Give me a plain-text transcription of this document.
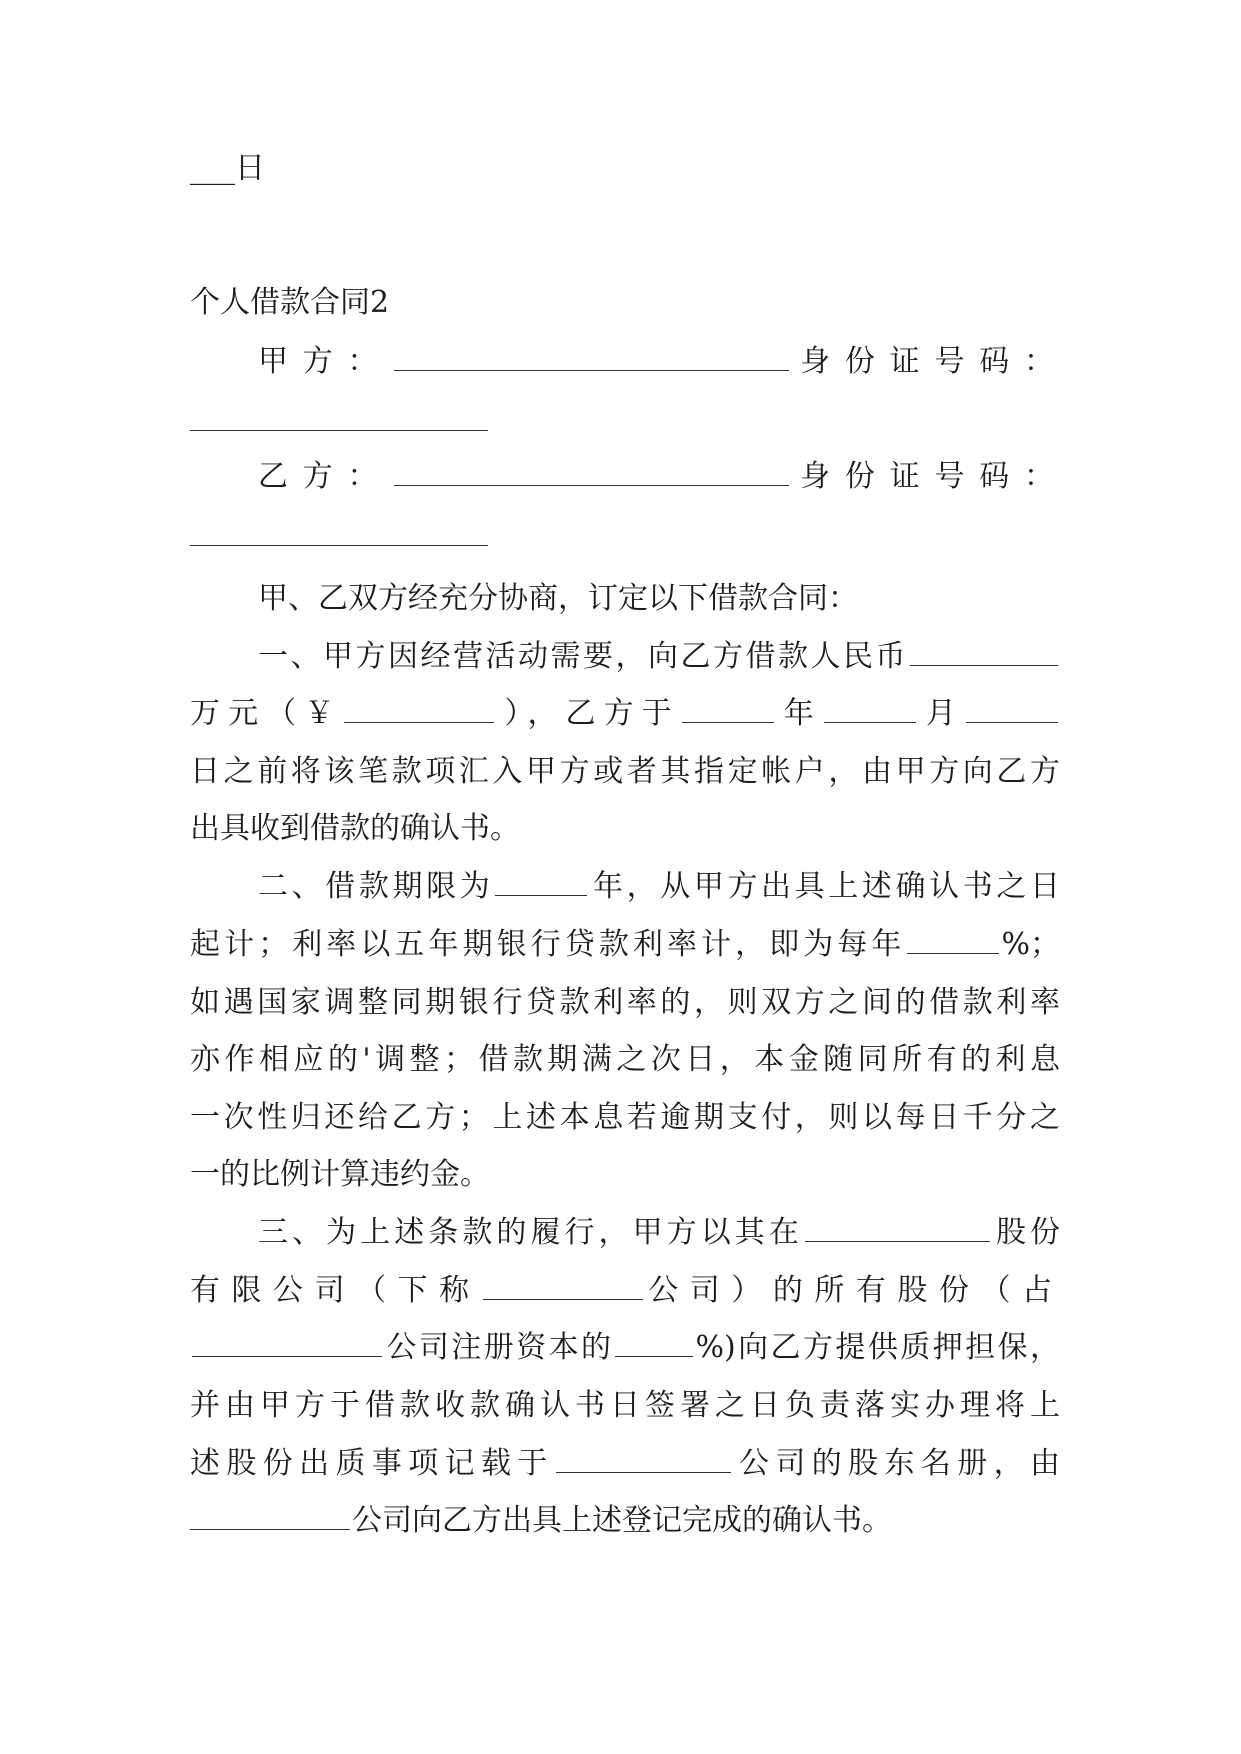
___日
个人借款合同2
甲方：	身份证号码：
乙方：	身份证号码：
甲、乙双方经充分协商，订定以下借款合同：
一、甲方因经营活动需要，向乙方借款人民币
万元（￥	），乙方于	年	月
日之前将该笔款项汇入甲方或者其指定帐户，由甲方向乙方
出具收到借款的确认书。
二、借款期限为	年，从甲方出具上述确认书之日
起计；利率以五年期银行贷款利率计，即为每年	%；
如遇国家调整同期银行贷款利率的，则双方之间的借款利率
亦作相应的'调整；借款期满之次日，本金随同所有的利息
一次性归还给乙方；上述本息若逾期支付，则以每日千分之
一的比例计算违约金。
三、为上述条款的履行，甲方以其在	股份
有限公司（下称	公司）的所有股份（占
公司注册资本的	%)向乙方提供质押担保，
并由甲方于借款收款确认书日签署之日负责落实办理将上
述股份出质事项记载于	公司的股东名册，由
公司向乙方出具上述登记完成的确认书。
